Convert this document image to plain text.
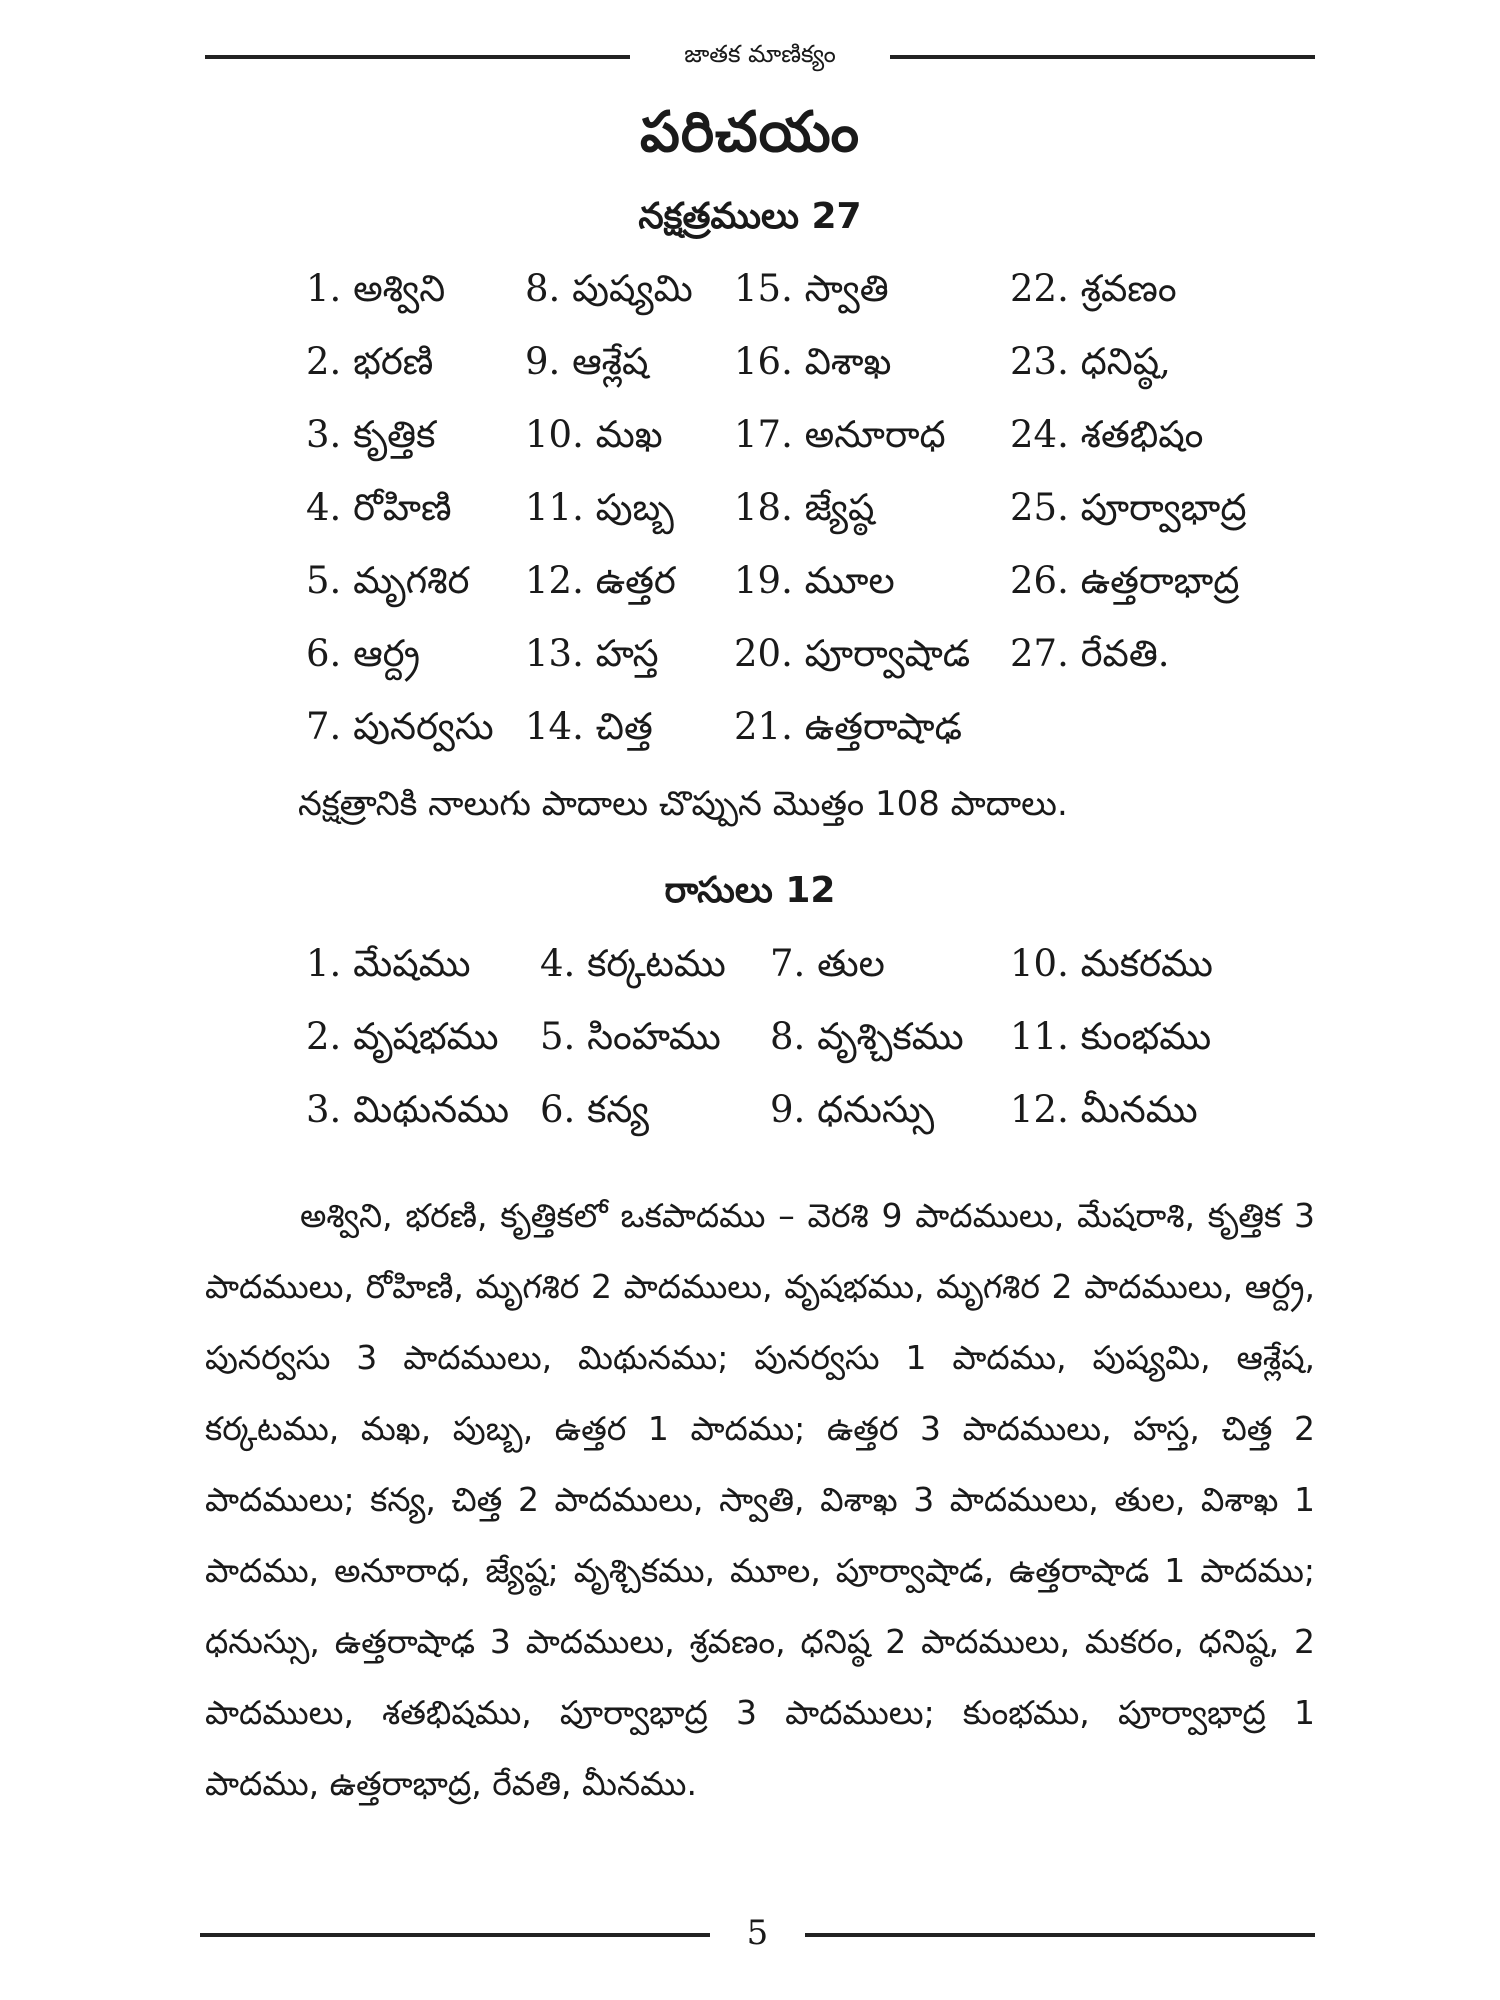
జాతక మాణిక్యం
పరిచయం
నక్షత్రములు 27
1. అశ్విని
2. భరణి
3. కృత్తిక
4. రోహిణి
5. మృగశిర
6. ఆర్ద్ర
7. పునర్వసు
8. పుష్యమి
9. ఆశ్లేష
10. మఖ
11. పుబ్బ
12. ఉత్తర
13. హస్త
14. చిత్త
15. స్వాతి
16. విశాఖ
17. అనూరాధ
18. జ్యేష్ఠ
19. మూల
20. పూర్వాషాడ
21. ఉత్తరాషాఢ
22. శ్రవణం
23. ధనిష్ఠ,
24. శతభిషం
25. పూర్వాభాద్ర
26. ఉత్తరాభాద్ర
27. రేవతి.
నక్షత్రానికి నాలుగు పాదాలు చొప్పున మొత్తం 108 పాదాలు.
రాసులు 12
1. మేషము
2. వృషభము
3. మిథునము
4. కర్కటము
5. సింహము
6. కన్య
7. తుల
8. వృశ్చికము
9. ధనుస్సు
10. మకరము
11. కుంభము
12. మీనము

అశ్విని, భరణి, కృత్తికలో ఒకపాదము – వెరశి 9 పాదములు, మేషరాశి, కృత్తిక 3 పాదములు, రోహిణి, మృగశిర 2 పాదములు, వృషభము, మృగశిర 2 పాదములు, ఆర్ద్ర, పునర్వసు 3 పాదములు, మిథునము; పునర్వసు 1 పాదము, పుష్యమి, ఆశ్లేష, కర్కటము, మఖ, పుబ్బ, ఉత్తర 1 పాదము; ఉత్తర 3 పాదములు, హస్త, చిత్త 2 పాదములు; కన్య, చిత్త 2 పాదములు, స్వాతి, విశాఖ 3 పాదములు, తుల, విశాఖ 1 పాదము, అనూరాధ, జ్యేష్ఠ; వృశ్చికము, మూల, పూర్వాషాడ, ఉత్తరాషాడ 1 పాదము; ధనుస్సు, ఉత్తరాషాఢ 3 పాదములు, శ్రవణం, ధనిష్ఠ 2 పాదములు, మకరం, ధనిష్ఠ, 2 పాదములు, శతభిషము, పూర్వాభాద్ర 3 పాదములు; కుంభము, పూర్వాభాద్ర 1 పాదము, ఉత్తరాభాద్ర, రేవతి, మీనము.

5
